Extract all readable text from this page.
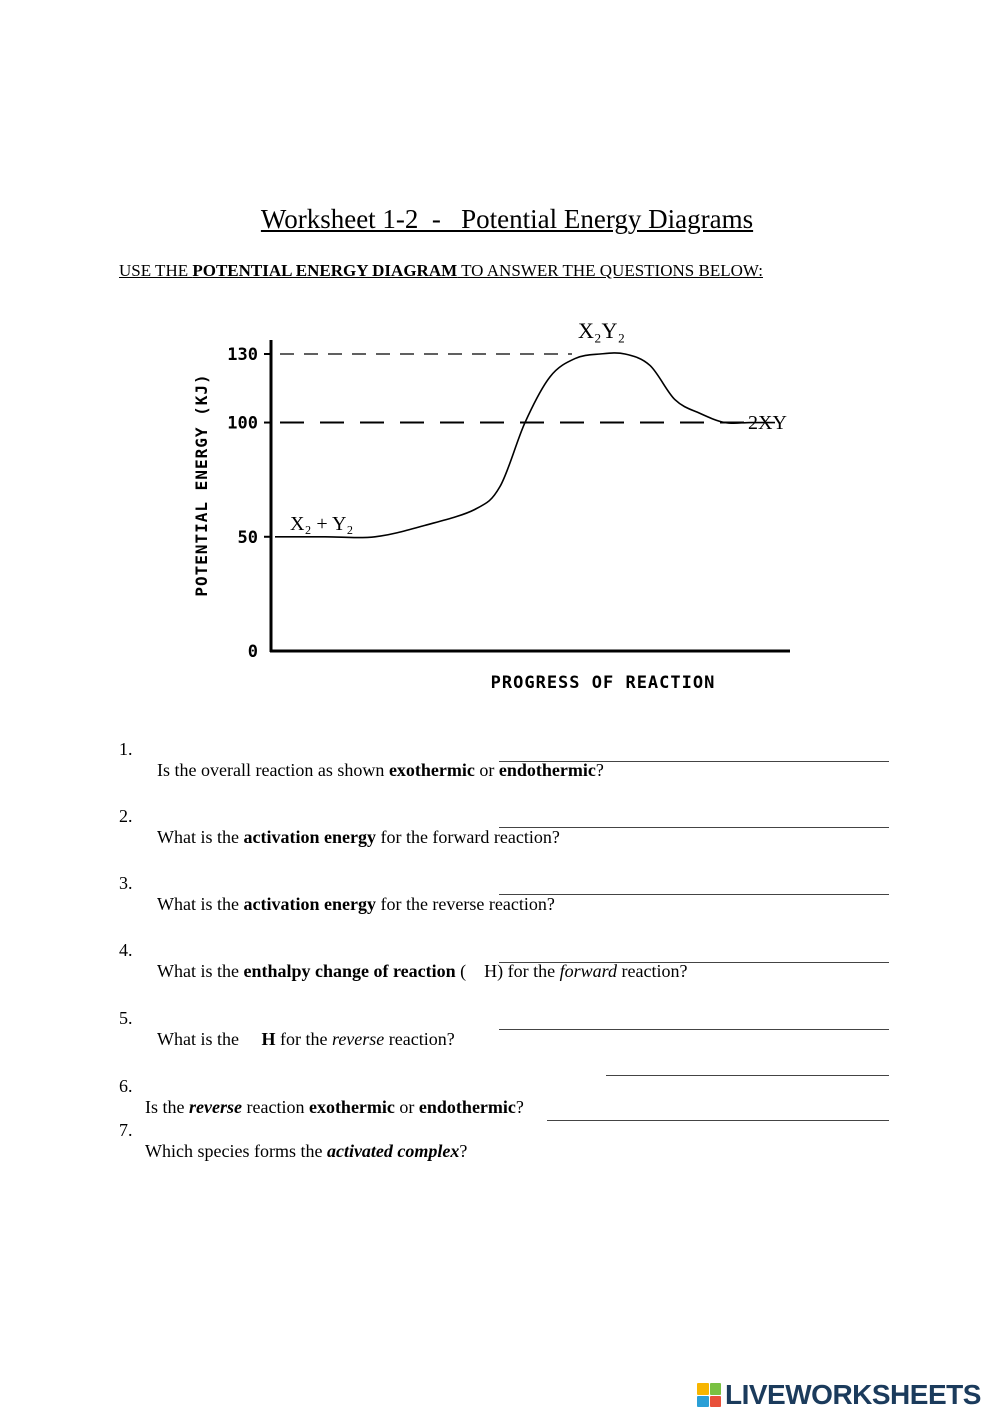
Worksheet 1-2  -   Potential Energy Diagrams
USE THE POTENTIAL ENERGY DIAGRAM TO ANSWER THE QUESTIONS BELOW:
0
50
100
130
POTENTIAL ENERGY (KJ)
PROGRESS OF REACTION
X₂ + Y₂
X₂Y₂
2XY

1.

Is the overall reaction as shown exothermic or endothermic?

2.

What is the activation energy for the forward reaction?

3.

What is the activation energy for the reverse reaction?

4.

What is the enthalpy change of reaction (    H) for the forward reaction?

5.

What is the     H for the reverse reaction?

6.

Is the reverse reaction exothermic or endothermic?

7.

Which species forms the activated complex?

LIVEWORKSHEETS
